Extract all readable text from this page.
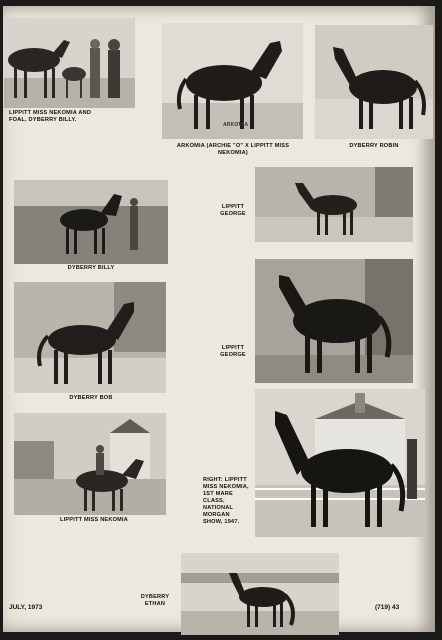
LIPPITT MISS NEKOMIA AND FOAL, DYBERRY BILLY.
ARKOMIA
ARKOMIA (ARCHIE "O" X LIPPITT MISS NEKOMIA)
DYBERRY ROBIN
DYBERRY BILLY
LIPPITT GEORGE
DYBERRY BOB
LIPPITT GEORGE
LIPPITT MISS NEKOMIA
RIGHT: LIPPITT MISS NEKOMIA, 1ST MARE CLASS, NATIONAL MORGAN SHOW, 1947.
DYBERRY ETHAN
JULY, 1973	(719) 43
